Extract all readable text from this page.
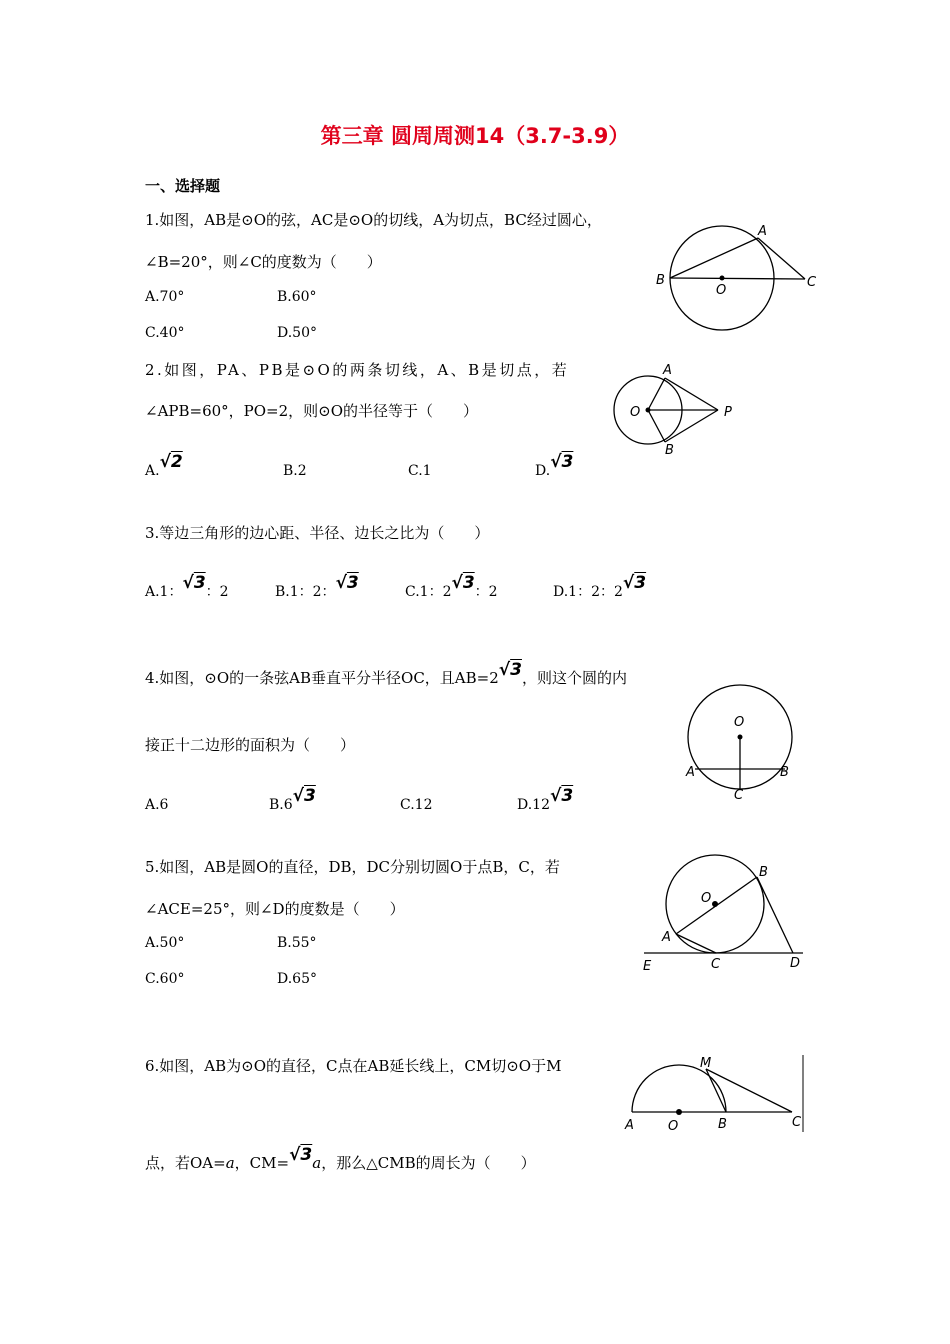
第三章 圆周周测14（3.7-3.9）
一、选择题
1.如图，AB是⊙O的弦，AC是⊙O的切线，A为切点，BC经过圆心，
∠B=20°，则∠C的度数为（　　）
A.70°	B.60°
C.40°	D.50°
A
B	C
O
2.如图，PA、PB是⊙O的两条切线，A、B是切点，若
∠APB=60°，PO=2，则⊙O的半径等于（　　）
A.√2	B.2	C.1	D.√3
A
B
O	P
3.等边三角形的边心距、半径、边长之比为（　　）
A.1：√3：2	B.1：2：√3	C.1：2√3：2	D.1：2：2√3
4.如图，⊙O的一条弦AB垂直平分半径OC，且AB=2√3，则这个圆的内
接正十二边形的面积为（　　）
A.6	B.6√3	C.12	D.12√3
O
A	B
C
5.如图，AB是圆O的直径，DB，DC分别切圆O于点B，C，若
∠ACE=25°，则∠D的度数是（　　）
A.50°	B.55°
C.60°	D.65°
O
B
A
E	C	D
6.如图，AB为⊙O的直径，C点在AB延长线上，CM切⊙O于M
点，若OA=a，CM=√3a，那么△CMB的周长为（　　）
M
A	O	B	C
